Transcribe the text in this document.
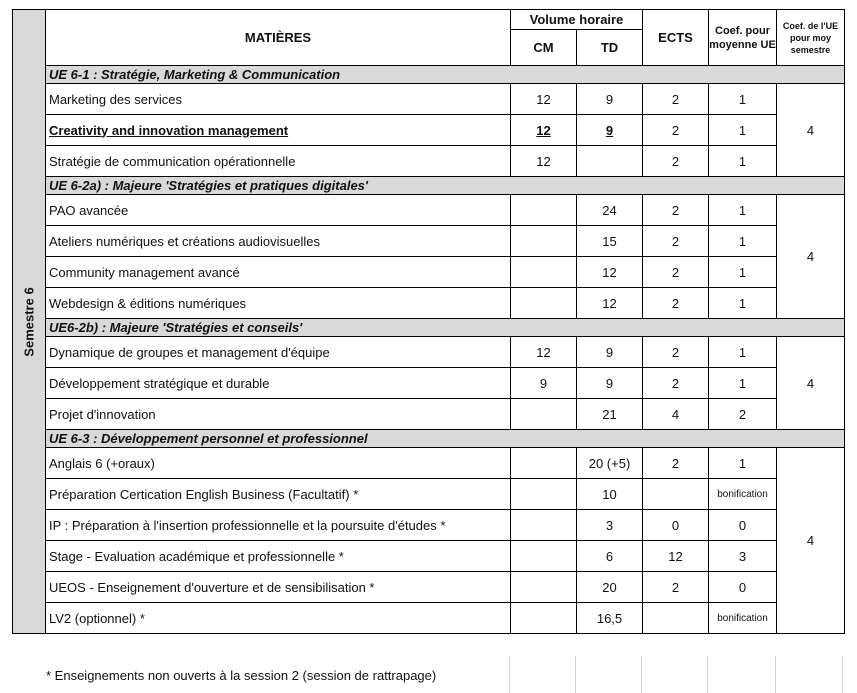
Semestre 6	MATIÈRES	Volume horaire		ECTS	Coef. pour moyenne UE	Coef. de l'UE pour moy semestre
		CM	TD			
	UE 6-1 : Stratégie, Marketing & Communication					
	Marketing des services	12	9	2	1	4
	Creativity and innovation management	12	9	2	1	
	Stratégie de communication opérationnelle	12		2	1	
	UE 6-2a) : Majeure 'Stratégies et pratiques digitales'					
	PAO avancée		24	2	1	4
	Ateliers numériques et créations audiovisuelles		15	2	1	
	Community management avancé		12	2	1	
	Webdesign & éditions numériques		12	2	1	
	UE6-2b) : Majeure 'Stratégies et conseils'					
	Dynamique de groupes et management d'équipe	12	9	2	1	4
	Développement stratégique et durable	9	9	2	1	
	Projet d'innovation		21	4	2	
	UE 6-3 : Développement personnel et professionnel					
	Anglais 6 (+oraux)		20 (+5)	2	1	4
	Préparation Certication English Business (Facultatif) *		10		bonification	
	IP : Préparation à l'insertion professionnelle et la poursuite d'études *		3	0	0	
	Stage - Evaluation académique et professionnelle *		6	12	3	
	UEOS - Enseignement d'ouverture et de sensibilisation *		20	2	0	
	LV2 (optionnel) *		16,5		bonification	
* Enseignements non ouverts à la session 2 (session de rattrapage)
